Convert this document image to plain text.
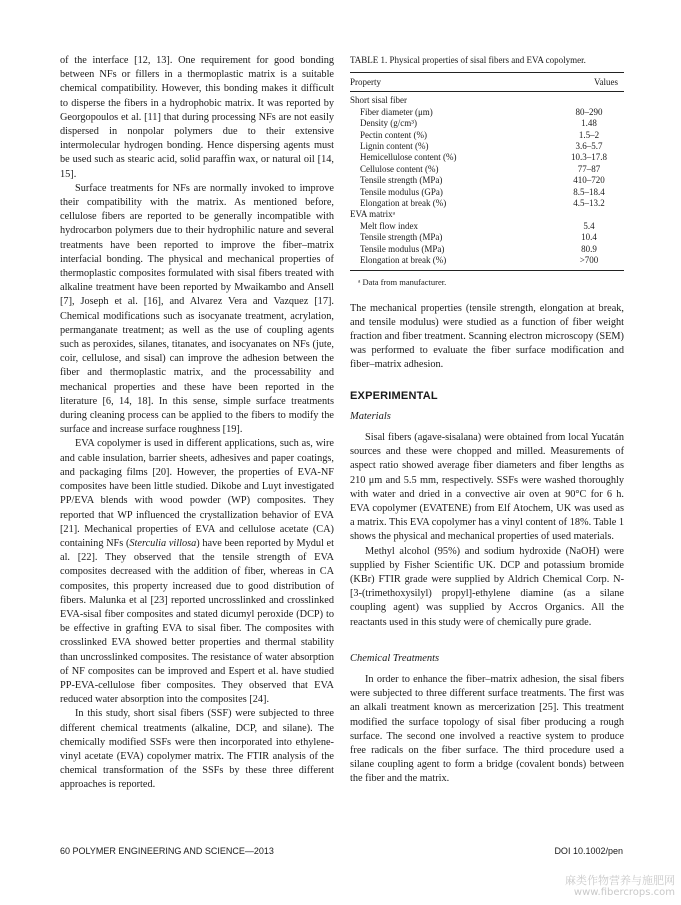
of the interface [12, 13]. One requirement for good bonding between NFs or fillers in a thermoplastic matrix is a suitable chemical compatibility. However, this bonding makes it difficult to disperse the fibers in a hydrophobic matrix. It was reported by Georgopoulos et al. [11] that during processing NFs are not easily dispersed in nonpolar polymers due to their extensive intermolecular hydrogen bonding. Hence dispersing agents must be used such as stearic acid, solid paraffin wax, or natural oil [14, 15].

Surface treatments for NFs are normally invoked to improve their compatibility with the matrix. As mentioned before, cellulose fibers are reported to be generally incompatible with hydrocarbon polymers due to their hydrophilic nature and several treatments have been reported to improve the fiber–matrix interfacial bonding. The physical and mechanical properties of thermoplastic composites formulated with sisal fibers treated with alkaline treatment have been reported by Mwaikambo and Ansell [7], Joseph et al. [16], and Alvarez Vera and Vazquez [17]. Chemical modifications such as isocyanate treatment, acrylation, permanganate treatment; as well as the use of coupling agents such as peroxides, silanes, titanates, and isocyanates on NFs (jute, coir, cellulose, and sisal) can improve the adhesion between the fiber and thermoplastic matrix, and the processability and mechanical properties and these have been reported in the literature [6, 14, 18]. In this sense, simple surface treatments during cleaning process can be applied to the fibers to modify the surface and increase surface roughness [19].

EVA copolymer is used in different applications, such as, wire and cable insulation, barrier sheets, adhesives and paper coatings, and packaging films [20]. However, the properties of EVA-NF composites have been little studied. Dikobe and Luyt investigated PP/EVA blends with wood powder (WP) composites. They reported that WP influenced the crystallization behavior of EVA [21]. Mechanical properties of EVA and cellulose acetate (CA) containing NFs (Sterculia villosa) have been reported by Mydul et al. [22]. They observed that the tensile strength of EVA composites decreased with the addition of fiber, whereas in CA composites, this property increased due to good distribution of fibers. Malunka et al [23] reported uncrosslinked and crosslinked EVA-sisal fiber composites and stated dicumyl peroxide (DCP) to be effective in grafting EVA to sisal fiber. The composites with crosslinked EVA showed better properties and thermal stability than uncrosslinked composites. The resistance of water absorption of NF composites can be improved and Espert et al. have studied PP-EVA-cellulose fiber composites. They observed that EVA reduced water absorption into the composites [24].

In this study, short sisal fibers (SSF) were subjected to three different chemical treatments (alkaline, DCP, and silane). The chemically modified SSFs were then incorporated into ethylene-vinyl acetate (EVA) copolymer matrix. The FTIR analysis of the chemical transformation of the SSFs by these three different approaches is reported.

TABLE 1. Physical properties of sisal fibers and EVA copolymer.
Property	Values
Short sisal fiber	
Fiber diameter (μm)	80–290
Density (g/cm³)	1.48
Pectin content (%)	1.5–2
Lignin content (%)	3.6–5.7
Hemicellulose content (%)	10.3–17.8
Cellulose content (%)	77–87
Tensile strength (MPa)	410–720
Tensile modulus (GPa)	8.5–18.4
Elongation at break (%)	4.5–13.2
EVA matrixᵃ	
Melt flow index	5.4
Tensile strength (MPa)	10.4
Tensile modulus (MPa)	80.9
Elongation at break (%)	>700
ᵃ Data from manufacturer.

The mechanical properties (tensile strength, elongation at break, and tensile modulus) were studied as a function of fiber weight fraction and fiber treatment. Scanning electron microscopy (SEM) was performed to evaluate the fiber surface modification and fiber–matrix adhesion.

EXPERIMENTAL
Materials

Sisal fibers (agave-sisalana) were obtained from local Yucatán sources and these were chopped and milled. Measurements of aspect ratio showed average fiber diameters and fiber lengths as 210 μm and 5.5 mm, respectively. SSFs were washed thoroughly with water and dried in a convective air oven at 90°C for 6 h. EVA copolymer (EVATENE) from Elf Atochem, UK was used as a matrix. This EVA copolymer has a vinyl content of 18%. Table 1 shows the physical and mechanical properties of used materials.

Methyl alcohol (95%) and sodium hydroxide (NaOH) were supplied by Fisher Scientific UK. DCP and potassium bromide (KBr) FTIR grade were supplied by Aldrich Chemical Corp. N-[3-(trimethoxysilyl) propyl]-ethylene diamine (as a silane coupling agent) was supplied by Accros Organics. All the reactants used in this study were of chemically pure grade.

Chemical Treatments

In order to enhance the fiber–matrix adhesion, the sisal fibers were subjected to three different surface treatments. The first was an alkali treatment known as mercerization [25]. This treatment modified the surface topology of sisal fiber producing a rough surface. The second one involved a reactive system to produce free radicals on the fiber surface. The third procedure used a silane coupling agent to form a bridge (covalent bonds) between the fiber and the matrix.

60 POLYMER ENGINEERING AND SCIENCE—2013	DOI 10.1002/pen
麻类作物营养与施肥网
www.fibercrops.com
